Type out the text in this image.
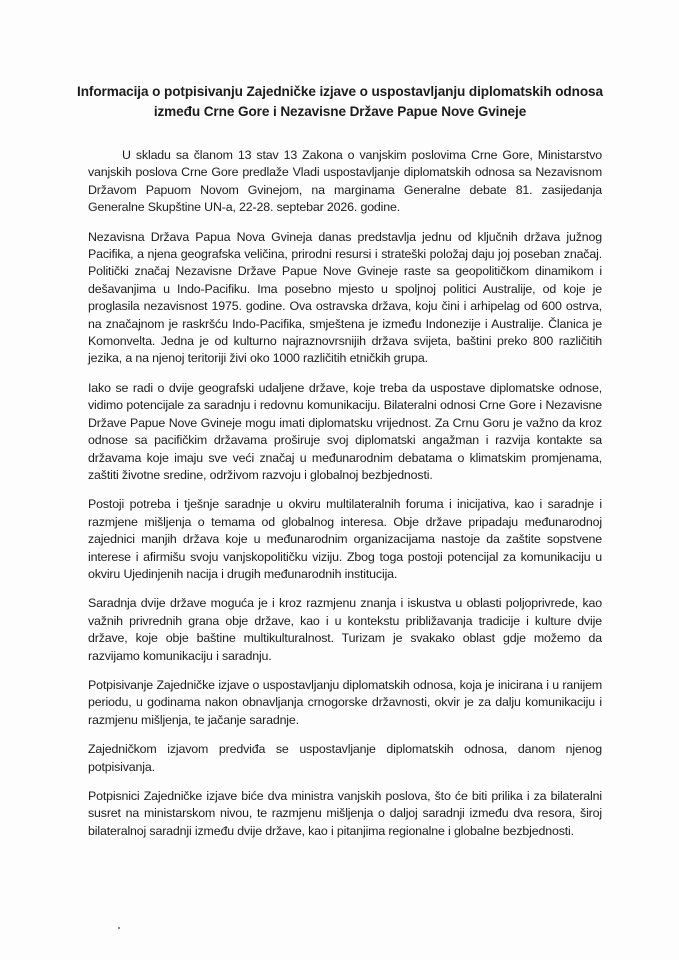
Informacija o potpisivanju Zajedničke izjave o uspostavljanju diplomatskih odnosa
između Crne Gore i Nezavisne Države Papue Nove Gvineje

U skladu sa članom 13 stav 13 Zakona o vanjskim poslovima Crne Gore, Ministarstvo vanjskih poslova Crne Gore predlaže Vladi uspostavljanje diplomatskih odnosa sa Nezavisnom Državom Papuom Novom Gvinejom, na marginama Generalne debate 81. zasijedanja Generalne Skupštine UN-a, 22-28. septebar 2026. godine.

Nezavisna Država Papua Nova Gvineja danas predstavlja jednu od ključnih država južnog Pacifika, a njena geografska veličina, prirodni resursi i strateški položaj daju joj poseban značaj. Politički značaj Nezavisne Države Papue Nove Gvineje raste sa geopolitičkom dinamikom i dešavanjima u Indo-Pacifiku. Ima posebno mjesto u spoljnoj politici Australije, od koje je proglasila nezavisnost 1975. godine. Ova ostravska država, koju čini i arhipelag od 600 ostrva, na značajnom je raskršću Indo-Pacifika, smještena je između Indonezije i Australije. Članica je Komonvelta. Jedna je od kulturno najraznovrsnijih država svijeta, baštini preko 800 različitih jezika, a na njenoj teritoriji živi oko 1000 različitih etničkih grupa.

Iako se radi o dvije geografski udaljene države, koje treba da uspostave diplomatske odnose, vidimo potencijale za saradnju i redovnu komunikaciju. Bilateralni odnosi Crne Gore i Nezavisne Države Papue Nove Gvineje mogu imati diplomatsku vrijednost. Za Crnu Goru je važno da kroz odnose sa pacifičkim državama proširuje svoj diplomatski angažman i razvija kontakte sa državama koje imaju sve veći značaj u međunarodnim debatama o klimatskim promjenama, zaštiti životne sredine, održivom razvoju i globalnoj bezbjednosti.

Postoji potreba i tješnje saradnje u okviru multilateralnih foruma i inicijativa, kao i saradnje i razmjene mišljenja o temama od globalnog interesa. Obje države pripadaju međunarodnoj zajednici manjih država koje u međunarodnim organizacijama nastoje da zaštite sopstvene interese i afirmišu svoju vanjskopolitičku viziju. Zbog toga postoji potencijal za komunikaciju u okviru Ujedinjenih nacija i drugih međunarodnih institucija.

Saradnja dvije države moguća je i kroz razmjenu znanja i iskustva u oblasti poljoprivrede, kao važnih privrednih grana obje države, kao i u kontekstu približavanja tradicije i kulture dvije države, koje obje baštine multikulturalnost. Turizam je svakako oblast gdje možemo da razvijamo komunikaciju i saradnju.

Potpisivanje Zajedničke izjave o uspostavljanju diplomatskih odnosa, koja je inicirana i u ranijem periodu, u godinama nakon obnavljanja crnogorske državnosti, okvir je za dalju komunikaciju i razmjenu mišljenja, te jačanje saradnje.

Zajedničkom izjavom predviđa se uspostavljanje diplomatskih odnosa, danom njenog potpisivanja.

Potpisnici Zajedničke izjave biće dva ministra vanjskih poslova, što će biti prilika i za bilateralni susret na ministarskom nivou, te razmjenu mišljenja o daljoj saradnji između dva resora, široj bilateralnoj saradnji između dvije države, kao i pitanjima regionalne i globalne bezbjednosti.
